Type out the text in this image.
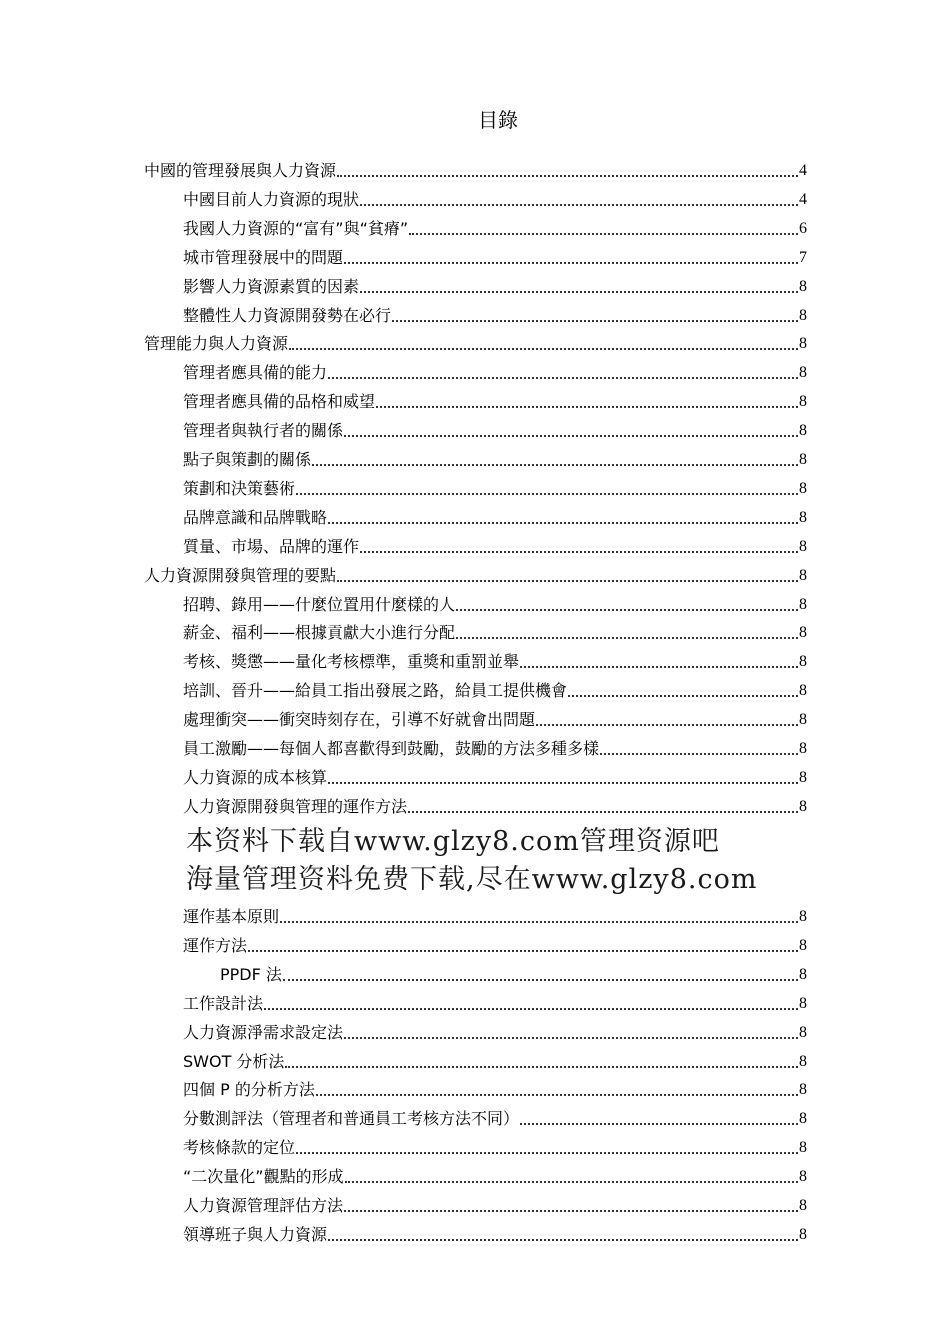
目錄
中國的管理發展與人力資源	4
中國目前人力資源的現狀	4
我國人力資源的“富有”與“貧瘠”	6
城市管理發展中的問題	7
影響人力資源素質的因素	8
整體性人力資源開發勢在必行	8
管理能力與人力資源	8
管理者應具備的能力	8
管理者應具備的品格和威望	8
管理者與執行者的關係	8
點子與策劃的關係	8
策劃和決策藝術	8
品牌意識和品牌戰略	8
質量、市場、品牌的運作	8
人力資源開發與管理的要點	8
招聘、錄用——什麼位置用什麼樣的人	8
薪金、福利——根據貢獻大小進行分配	8
考核、獎懲——量化考核標準，重獎和重罰並舉	8
培訓、晉升——給員工指出發展之路，給員工提供機會	8
處理衝突——衝突時刻存在，引導不好就會出問題	8
員工激勵——每個人都喜歡得到鼓勵，鼓勵的方法多種多樣	8
人力資源的成本核算	8
人力資源開發與管理的運作方法	8
運作基本原則	8
運作方法	8
PPDF 法	8
工作設計法	8
人力資源淨需求設定法	8
SWOT 分析法	8
四個 P 的分析方法	8
分數測評法（管理者和普通員工考核方法不同）	8
考核條款的定位	8
“二次量化”觀點的形成	8
人力資源管理評估方法	8
領導班子與人力資源	8
本资料下载自www.glzy8.com管理资源吧
海量管理资料免费下载,尽在www.glzy8.com
